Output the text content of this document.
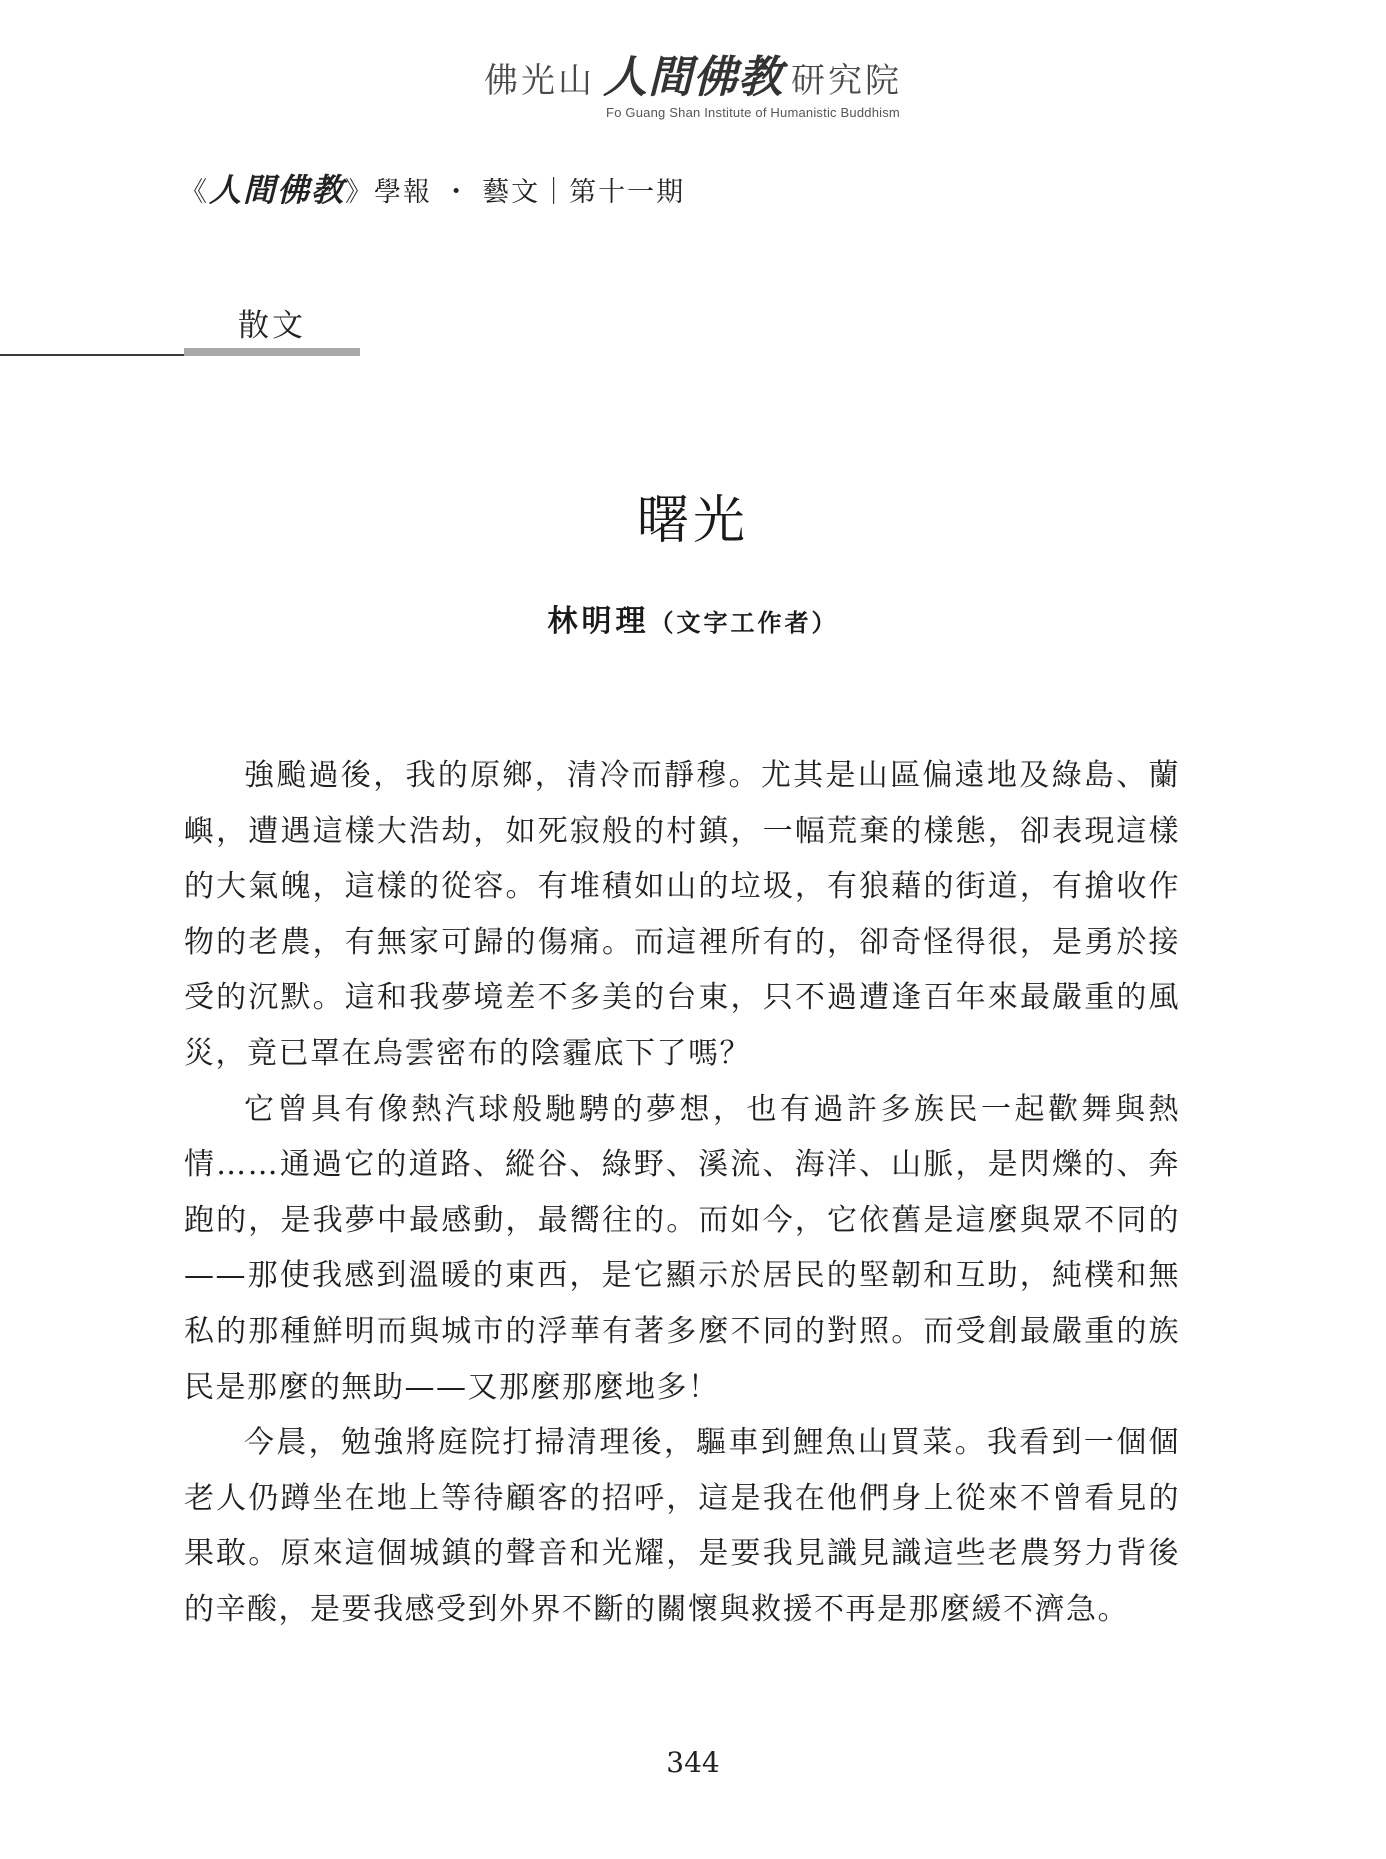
佛光山 人間佛教 研究院
Fo Guang Shan Institute of Humanistic Buddhism
《人間佛教》學報 ・ 藝文｜第十一期
散文
曙光
林明理（文字工作者）

強颱過後，我的原鄉，清冷而靜穆。尤其是山區偏遠地及綠島、蘭嶼，遭遇這樣大浩劫，如死寂般的村鎮，一幅荒棄的樣態，卻表現這樣的大氣魄，這樣的從容。有堆積如山的垃圾，有狼藉的街道，有搶收作物的老農，有無家可歸的傷痛。而這裡所有的，卻奇怪得很，是勇於接受的沉默。這和我夢境差不多美的台東，只不過遭逢百年來最嚴重的風災，竟已罩在烏雲密布的陰霾底下了嗎？

它曾具有像熱汽球般馳騁的夢想，也有過許多族民一起歡舞與熱情……通過它的道路、縱谷、綠野、溪流、海洋、山脈，是閃爍的、奔跑的，是我夢中最感動，最嚮往的。而如今，它依舊是這麼與眾不同的——那使我感到溫暖的東西，是它顯示於居民的堅韌和互助，純樸和無私的那種鮮明而與城市的浮華有著多麼不同的對照。而受創最嚴重的族民是那麼的無助——又那麼那麼地多！

今晨，勉強將庭院打掃清理後，驅車到鯉魚山買菜。我看到一個個老人仍蹲坐在地上等待顧客的招呼，這是我在他們身上從來不曾看見的果敢。原來這個城鎮的聲音和光耀，是要我見識見識這些老農努力背後的辛酸，是要我感受到外界不斷的關懷與救援不再是那麼緩不濟急。

344
